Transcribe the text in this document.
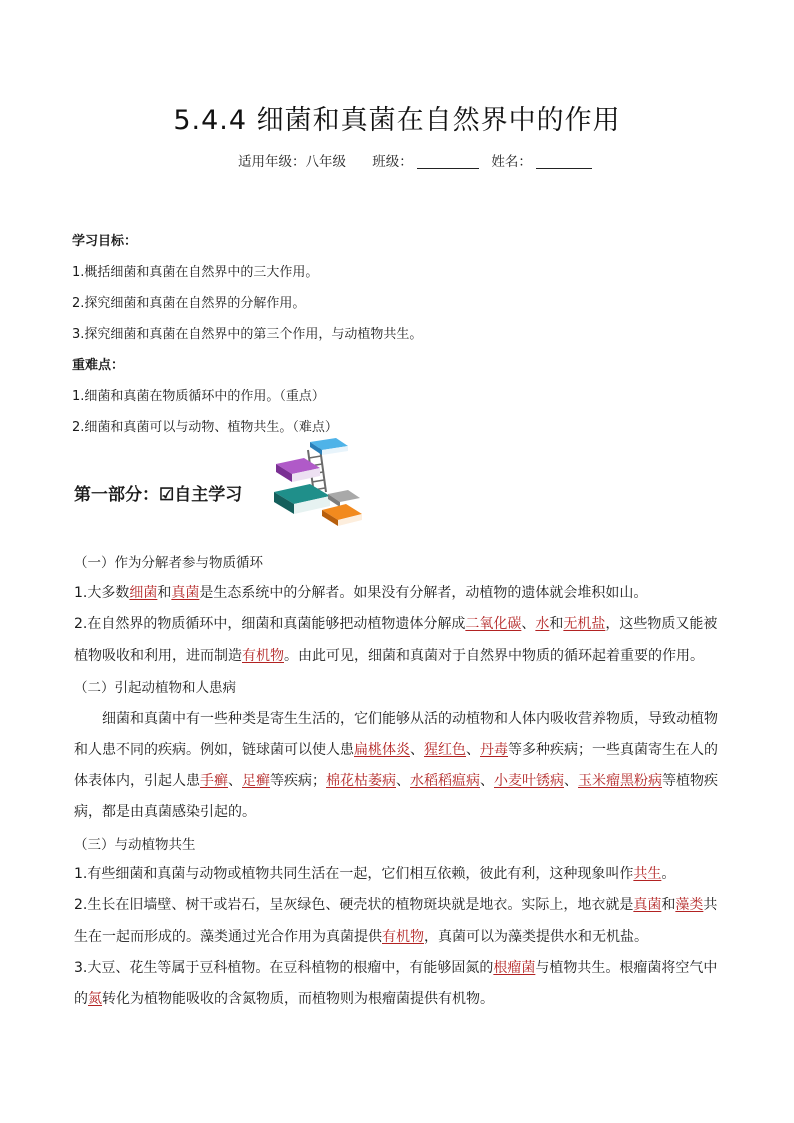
5.4.4 细菌和真菌在自然界中的作用
适用年级：八年级 班级：	姓名：
学习目标：
1.概括细菌和真菌在自然界中的三大作用。
2.探究细菌和真菌在自然界的分解作用。
3.探究细菌和真菌在自然界中的第三个作用，与动植物共生。
重难点：
1.细菌和真菌在物质循环中的作用。（重点）
2.细菌和真菌可以与动物、植物共生。（难点）
第一部分：☑自主学习
（一）作为分解者参与物质循环
1.大多数细菌和真菌是生态系统中的分解者。如果没有分解者，动植物的遗体就会堆积如山。
2.在自然界的物质循环中，细菌和真菌能够把动植物遗体分解成二氧化碳、水和无机盐，这些物质又能被
植物吸收和利用，进而制造有机物。由此可见，细菌和真菌对于自然界中物质的循环起着重要的作用。
（二）引起动植物和人患病
细菌和真菌中有一些种类是寄生生活的，它们能够从活的动植物和人体内吸收营养物质，导致动植物
和人患不同的疾病。例如，链球菌可以使人患扁桃体炎、猩红色、丹毒等多种疾病；一些真菌寄生在人的
体表体内，引起人患手癣、足癣等疾病；棉花枯萎病、水稻稻瘟病、小麦叶锈病、玉米瘤黑粉病等植物疾
病，都是由真菌感染引起的。
（三）与动植物共生
1.有些细菌和真菌与动物或植物共同生活在一起，它们相互依赖，彼此有利，这种现象叫作共生。
2.生长在旧墙壁、树干或岩石，呈灰绿色、硬壳状的植物斑块就是地衣。实际上，地衣就是真菌和藻类共
生在一起而形成的。藻类通过光合作用为真菌提供有机物，真菌可以为藻类提供水和无机盐。
3.大豆、花生等属于豆科植物。在豆科植物的根瘤中，有能够固氮的根瘤菌与植物共生。根瘤菌将空气中
的氮转化为植物能吸收的含氮物质，而植物则为根瘤菌提供有机物。
